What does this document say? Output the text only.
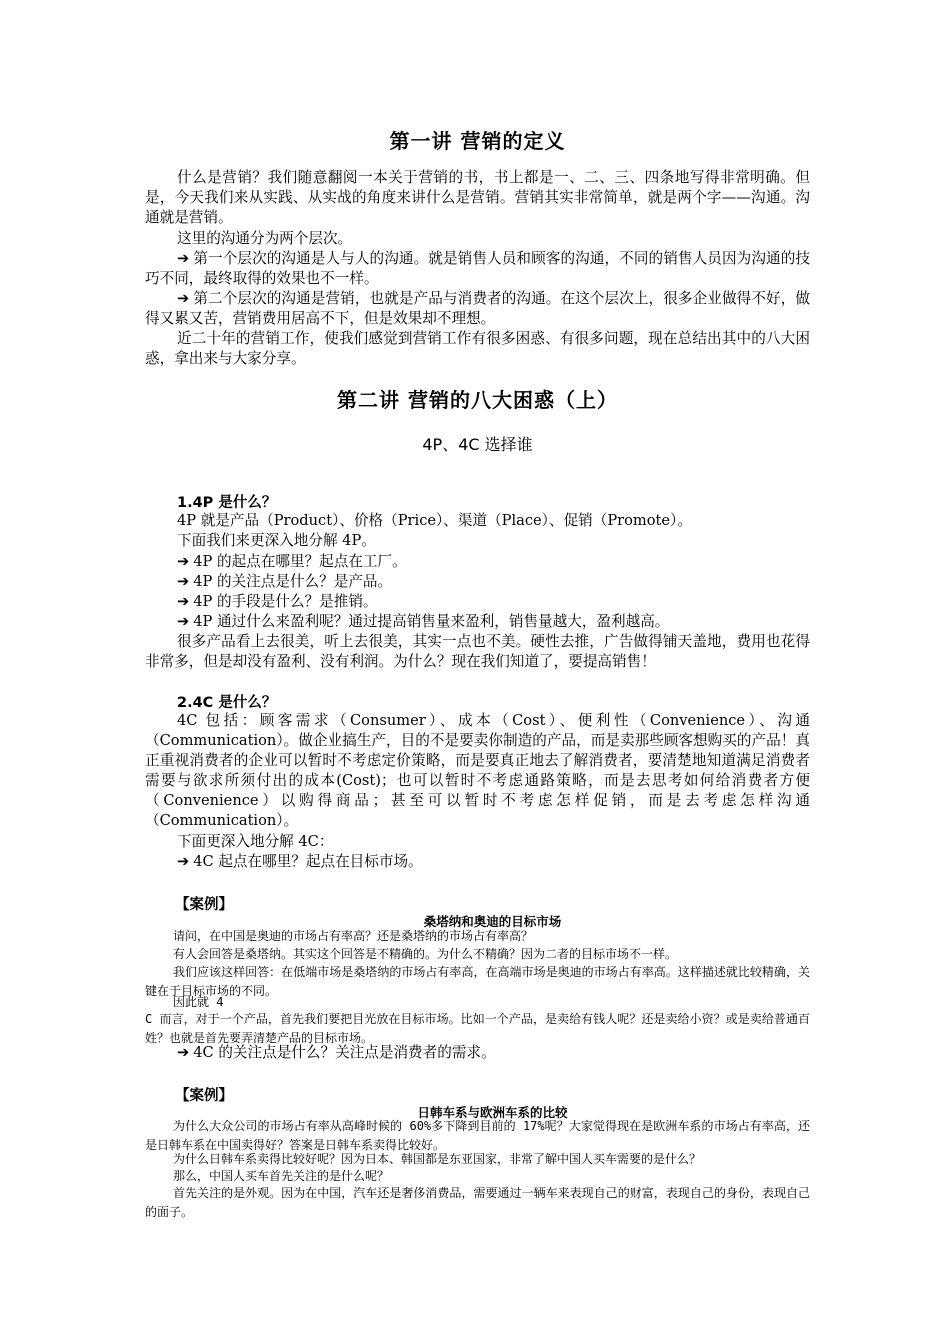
第一讲 营销的定义
什么是营销？我们随意翻阅一本关于营销的书，书上都是一、二、三、四条地写得非常明确。但是，今天我们来从实践、从实战的角度来讲什么是营销。营销其实非常简单，就是两个字——沟通。沟通就是营销。
这里的沟通分为两个层次。
➔ 第一个层次的沟通是人与人的沟通。就是销售人员和顾客的沟通，不同的销售人员因为沟通的技巧不同，最终取得的效果也不一样。
➔ 第二个层次的沟通是营销，也就是产品与消费者的沟通。在这个层次上，很多企业做得不好，做得又累又苦，营销费用居高不下，但是效果却不理想。
近二十年的营销工作，使我们感觉到营销工作有很多困惑、有很多问题，现在总结出其中的八大困惑，拿出来与大家分享。
第二讲 营销的八大困惑（上）
4P、4C 选择谁
1.4P 是什么？
4P 就是产品（Product）、价格（Price）、渠道（Place）、促销（Promote）。
下面我们来更深入地分解 4P。
➔ 4P 的起点在哪里？起点在工厂。
➔ 4P 的关注点是什么？是产品。
➔ 4P 的手段是什么？是推销。
➔ 4P 通过什么来盈利呢？通过提高销售量来盈利，销售量越大，盈利越高。
很多产品看上去很美，听上去很美，其实一点也不美。硬性去推，广告做得铺天盖地，费用也花得非常多，但是却没有盈利、没有利润。为什么？现在我们知道了，要提高销售！
2.4C 是什么？
4C 包括：顾客需求（Consumer）、成本（Cost）、便利性（Convenience）、沟通（Communication）。做企业搞生产，目的不是要卖你制造的产品，而是卖那些顾客想购买的产品！真正重视消费者的企业可以暂时不考虑定价策略，而是要真正地去了解消费者，要清楚地知道满足消费者需要与欲求所须付出的成本(Cost)；也可以暂时不考虑通路策略，而是去思考如何给消费者方便（Convenience）以购得商品；甚至可以暂时不考虑怎样促销，而是去考虑怎样沟通（Communication）。
下面更深入地分解 4C：
➔ 4C 起点在哪里？起点在目标市场。
【案例】
桑塔纳和奥迪的目标市场
请问，在中国是奥迪的市场占有率高？还是桑塔纳的市场占有率高？
有人会回答是桑塔纳。其实这个回答是不精确的。为什么不精确？因为二者的目标市场不一样。
我们应该这样回答：在低端市场是桑塔纳的市场占有率高，在高端市场是奥迪的市场占有率高。这样描述就比较精确，关键在于目标市场的不同。
因此就 4
C 而言，对于一个产品，首先我们要把目光放在目标市场。比如一个产品，是卖给有钱人呢？还是卖给小资？或是卖给普通百姓？也就是首先要弄清楚产品的目标市场。
➔ 4C 的关注点是什么？关注点是消费者的需求。
【案例】
日韩车系与欧洲车系的比较
为什么大众公司的市场占有率从高峰时候的 60%多下降到目前的 17%呢？大家觉得现在是欧洲车系的市场占有率高，还是日韩车系在中国卖得好？答案是日韩车系卖得比较好。
为什么日韩车系卖得比较好呢？因为日本、韩国都是东亚国家，非常了解中国人买车需要的是什么？
那么，中国人买车首先关注的是什么呢？
首先关注的是外观。因为在中国，汽车还是奢侈消费品，需要通过一辆车来表现自己的财富，表现自己的身份，表现自己的面子。
